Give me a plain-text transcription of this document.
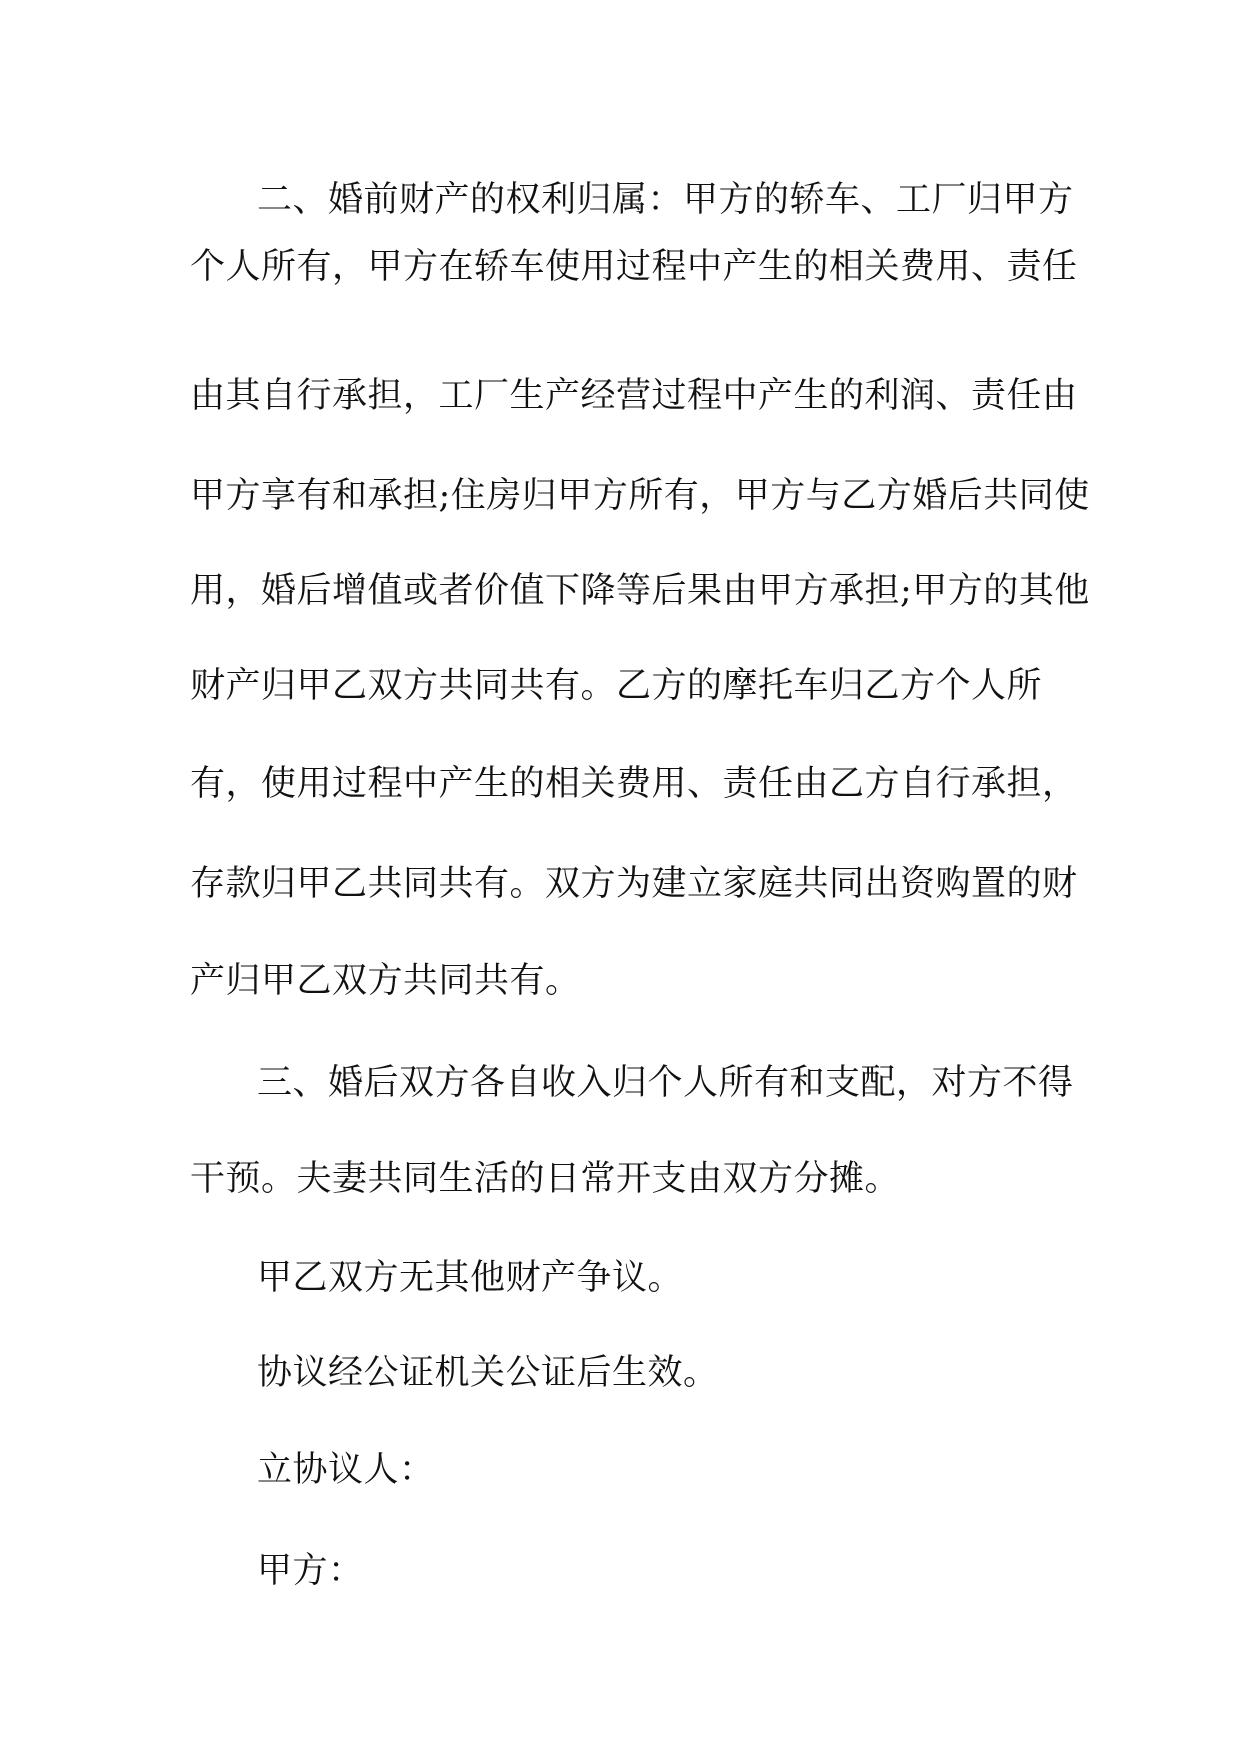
二、婚前财产的权利归属：甲方的轿车、工厂归甲方
个人所有，甲方在轿车使用过程中产生的相关费用、责任
由其自行承担，工厂生产经营过程中产生的利润、责任由
甲方享有和承担;住房归甲方所有，甲方与乙方婚后共同使
用，婚后增值或者价值下降等后果由甲方承担;甲方的其他
财产归甲乙双方共同共有。乙方的摩托车归乙方个人所
有，使用过程中产生的相关费用、责任由乙方自行承担，
存款归甲乙共同共有。双方为建立家庭共同出资购置的财
产归甲乙双方共同共有。
三、婚后双方各自收入归个人所有和支配，对方不得
干预。夫妻共同生活的日常开支由双方分摊。
甲乙双方无其他财产争议。
协议经公证机关公证后生效。
立协议人：
甲方：
